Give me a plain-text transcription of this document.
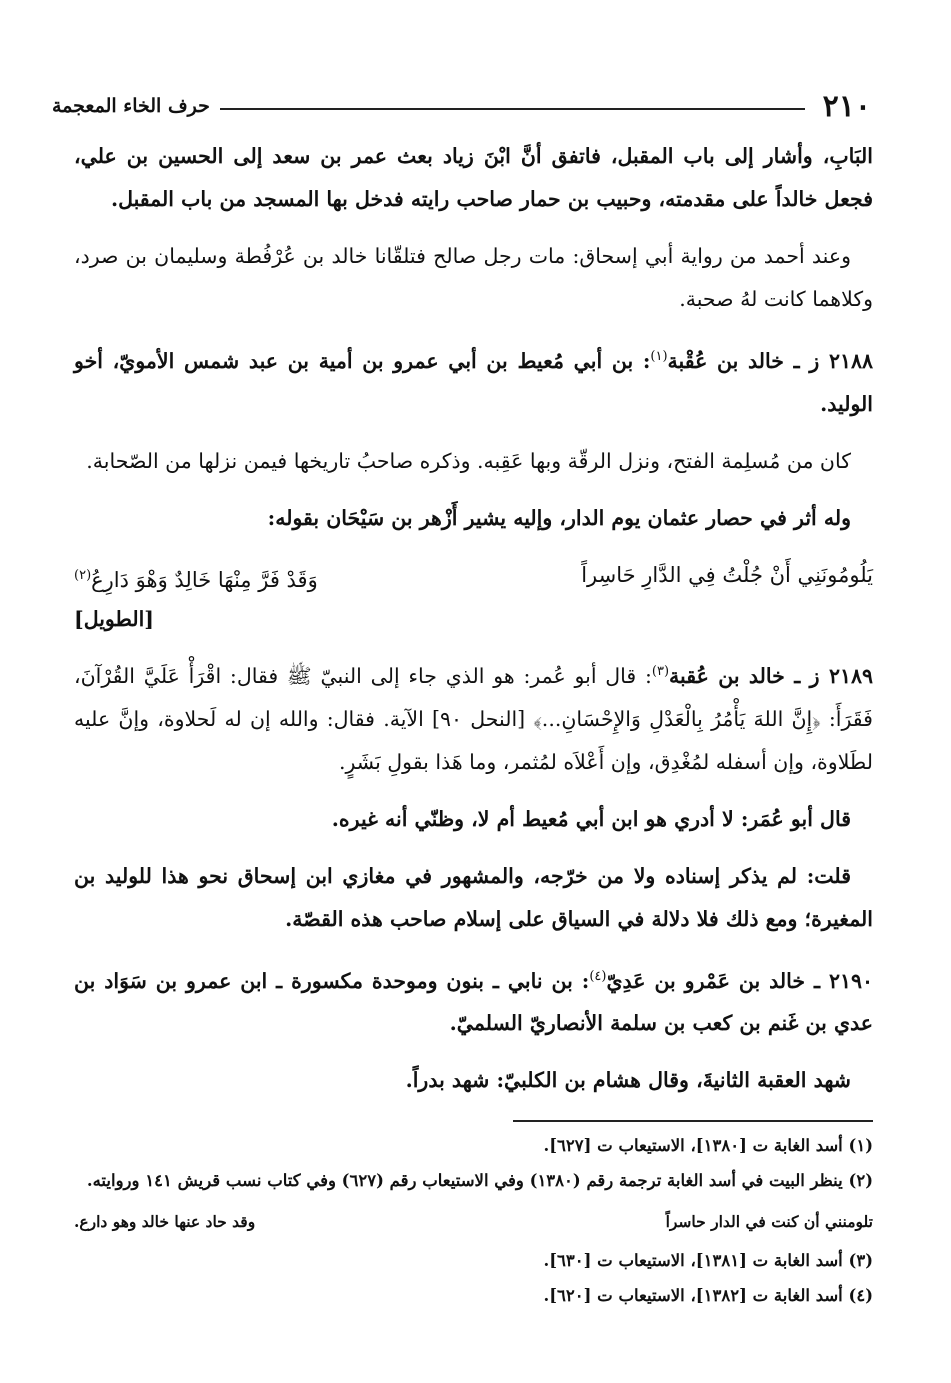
٢١٠
حرف الخاء المعجمة

البَابِ، وأشار إلى باب المقبل، فاتفق أنَّ ابْنَ زياد بعث عمر بن سعد إلى الحسين بن علي، فجعل خالداً على مقدمته، وحبيب بن حمار صاحب رايته فدخل بها المسجد من باب المقبل.

وعند أحمد من رواية أبي إسحاق: مات رجل صالح فتلقّانا خالد بن عُرْفُطة وسليمان بن صرد، وكلاهما كانت لهُ صحبة.

٢١٨٨ ز ـ خالد بن عُقْبة$^{(١)}$: بن أبي مُعيط بن أبي عمرو بن أمية بن عبد شمس الأمويّ، أخو الوليد.

كان من مُسلِمة الفتح، ونزل الرقّة وبها عَقِبه. وذكره صاحبُ تاريخها فيمن نزلها من الصّحابة.

وله أثر في حصار عثمان يوم الدار، وإليه يشير أَزْهر بن سَيْحَان بقوله:

يَلُومُونَنِي أَنْ جُلْتُ فِي الدَّارِ حَاسِراً
وَقَدْ فَرَّ مِنْهَا خَالِدٌ وَهْوَ دَارِعُ$^{(٢)}$

[الطويل]

٢١٨٩ ز ـ خالد بن عُقبة$^{(٣)}$: قال أبو عُمر: هو الذي جاء إلى النبيّ ﷺ فقال: اقْرَأْ عَلَيَّ القُرْآنَ، فَقَرَأَ: ﴿إِنَّ اللهَ يَأْمُرُ بِالْعَدْلِ وَالإِحْسَانِ...﴾ [النحل ٩٠] الآية. فقال: والله إن له لَحلاوة، وإنَّ عليه لطَلاوة، وإن أسفله لمُغْدِق، وإن أَعْلاَه لمُثمر، وما هَذا بقولِ بَشَرٍ.

قال أبو عُمَر: لا أدري هو ابن أبي مُعيط أم لا، وظنّي أنه غيره.

قلت: لم يذكر إسناده ولا من خرّجه، والمشهور في مغازي ابن إسحاق نحو هذا للوليد بن المغيرة؛ ومع ذلك فلا دلالة في السياق على إسلام صاحب هذه القصّة.

٢١٩٠ ـ خالد بن عَمْرو بن عَدِيّ$^{(٤)}$: بن نابي ـ بنون وموحدة مكسورة ـ ابن عمرو بن سَوَاد بن عدي بن غَنم بن كعب بن سلمة الأنصاريّ السلميّ.

شهد العقبة الثانيةَ، وقال هشام بن الكلبيّ: شهد بدراً.

(١) أسد الغابة ت [١٣٨٠]، الاستيعاب ت [٦٢٧].

(٢) ينظر البيت في أسد الغابة ترجمة رقم (١٣٨٠) وفي الاستيعاب رقم (٦٢٧) وفي كتاب نسب قريش ١٤١ وروايته.

تلومنني أن كنت في الدار حاسراً
وقد حاد عنها خالد وهو دارع.

(٣) أسد الغابة ت [١٣٨١]، الاستيعاب ت [٦٣٠].

(٤) أسد الغابة ت [١٣٨٢]، الاستيعاب ت [٦٢٠].
